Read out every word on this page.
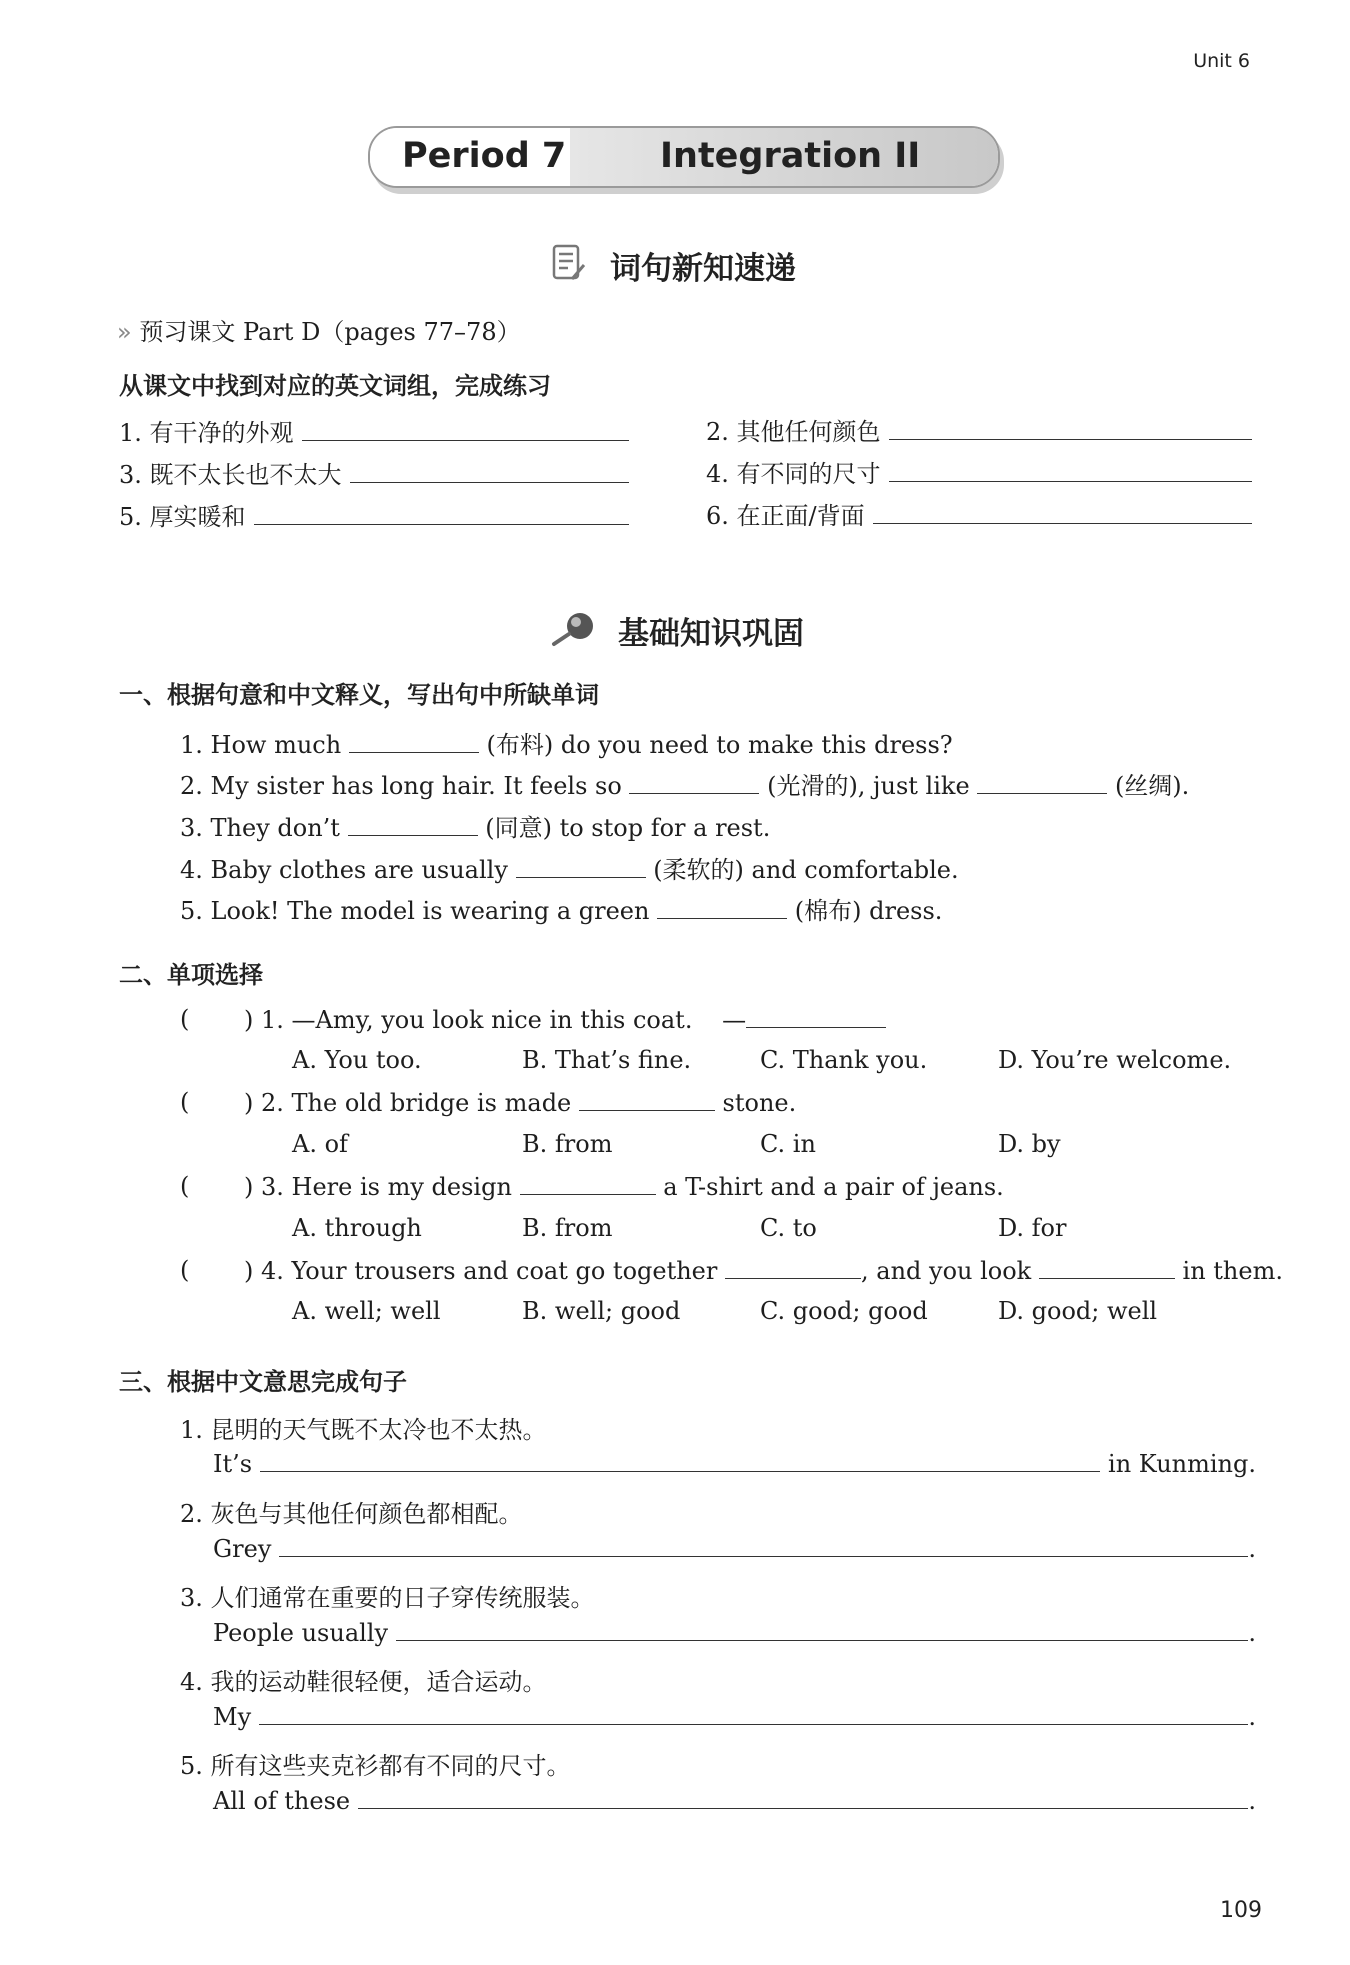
Unit 6
Period 7	Integration II
词句新知速递
» 预习课文 Part D（pages 77–78）
从课文中找到对应的英文词组，完成练习
1. 有干净的外观	2. 其他任何颜色
3. 既不太长也不太大	4. 有不同的尺寸
5. 厚实暖和	6. 在正面/背面
基础知识巩固
一、根据句意和中文释义，写出句中所缺单词
1. How much	(布料) do you need to make this dress?
2. My sister has long hair. It feels so	(光滑的), just like	(丝绸).
3. They don’t	(同意) to stop for a rest.
4. Baby clothes are usually	(柔软的) and comfortable.
5. Look! The model is wearing a green	(棉布) dress.
二、单项选择
( ) 1. —Amy, you look nice in this coat. —
A. You too.	B. That’s fine.	C. Thank you.	D. You’re welcome.
( ) 2. The old bridge is made	stone.
A. of	B. from	C. in	D. by
( ) 3. Here is my design	a T-shirt and a pair of jeans.
A. through	B. from	C. to	D. for
( ) 4. Your trousers and coat go together	, and you look	in them.
A. well; well	B. well; good	C. good; good	D. good; well
三、根据中文意思完成句子
1. 昆明的天气既不太冷也不太热。
It’s	in Kunming.
2. 灰色与其他任何颜色都相配。
Grey	.
3. 人们通常在重要的日子穿传统服装。
People usually	.
4. 我的运动鞋很轻便，适合运动。
My	.
5. 所有这些夹克衫都有不同的尺寸。
All of these	.
109
